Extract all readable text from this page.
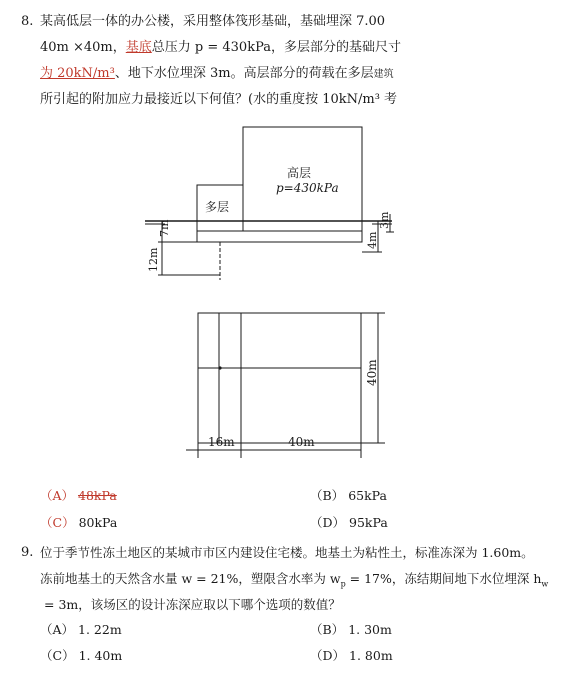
8. 某高低层一体的办公楼，采用整体筏形基础，基础埋深 7.00
40m ×40m，基底总压力 p = 430kPa，多层部分的基础尺寸
为 20kN/m³、地下水位埋深 3m。高层部分的荷载在多层建筑
所引起的附加应力最接近以下何值？(水的重度按 10kN/m³ 考
高层
p=430kPa
多层
7m
12m
4m
3m
40m
16m	40m
（A） 48kPa	（B） 65kPa
（C） 80kPa	（D） 95kPa
9. 位于季节性冻土地区的某城市市区内建设住宅楼。地基土为粘性土，标准冻深为 1.60m。
冻前地基土的天然含水量 w = 21%，塑限含水率为 $w_p = 17\%$，冻结期间地下水位埋深 $h_w$
= 3m，该场区的设计冻深应取以下哪个选项的数值？
（A） 1. 22m	（B） 1. 30m
（C） 1. 40m	（D） 1. 80m
